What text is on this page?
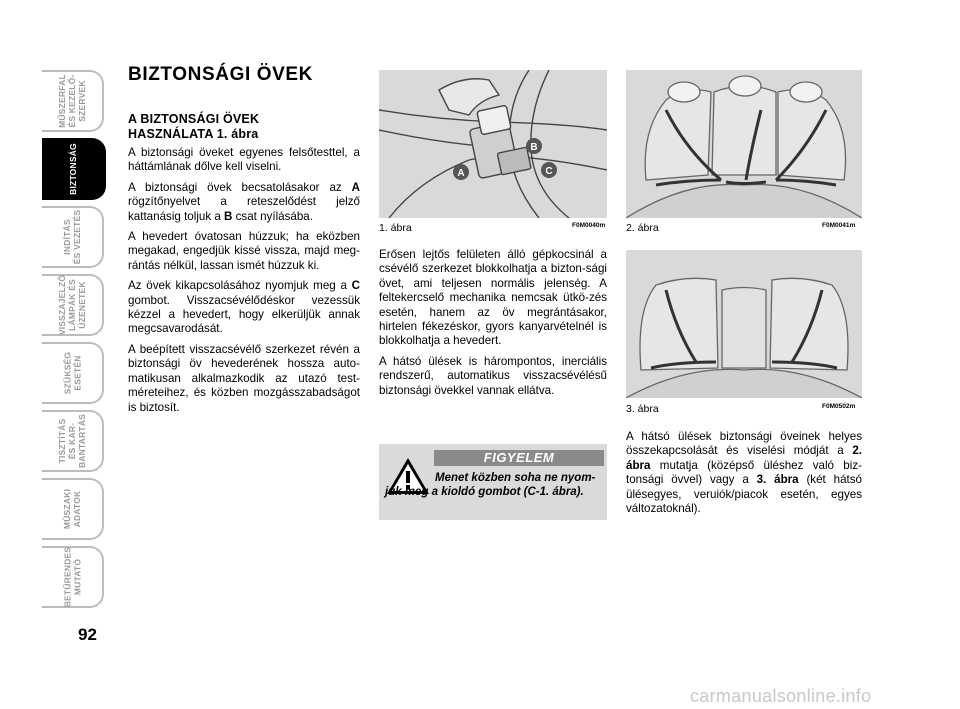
MŰSZERFAL
ÉS KEZELŐ-
SZERVEK
BIZTONSÁG
INDÍTÁS
ÉS VEZETÉS
VISSZAJELZŐ
LÁMPÁK ÉS
ÜZENETEK
SZÜKSÉG
ESETÉN
TISZTÍTÁS
ÉS KAR-
BANTARTÁS
MŰSZAKI
ADATOK
BETŰRENDES
MUTATÓ
92
BIZTONSÁGI ÖVEK
A BIZTONSÁGI ÖVEK
HASZNÁLATA 1. ábra

A biztonsági öveket egyenes felsőtesttel, a háttámlának dőlve kell viselni.

A biztonsági övek becsatolásakor az A rögzítőnyelvet a reteszelődést jelző kattanásig toljuk a B csat nyílásába.

A hevedert óvatosan húzzuk; ha eközben megakad, engedjük kissé vissza, majd meg-rántás nélkül, lassan ismét húzzuk ki.

Az övek kikapcsolásához nyomjuk meg a C gombot. Visszacsévélődéskor vezessük kézzel a hevedert, hogy elkerüljük annak megcsavarodását.

A beépített visszacsévélő szerkezet révén a biztonsági öv hevederének hossza auto-matikusan alkalmazkodik az utazó test-méreteihez, és közben mozgásszabadságot is biztosít.

A
B
C
1. ábra	F0M0040m 2. ábra	F0M0041m
3. ábra	F0M0502m

Erősen lejtős felületen álló gépkocsinál a csévélő szerkezet blokkolhatja a bizton-sági övet, ami teljesen normális jelenség. A feltekercselő mechanika nemcsak ütkö-zés esetén, hanem az öv megrántásakor, hirtelen fékezéskor, gyors kanyarvételnél is blokkolhatja a hevedert.

A hátsó ülések is hárompontos, inerciális rendszerű, automatikus visszacsévélésű biztonsági övekkel vannak ellátva.

FIGYELEM
Menet közben soha ne nyom-juk meg a kioldó gombot (C-1. ábra).

A hátsó ülések biztonsági öveinek helyes összekapcsolását és viselési módját a 2. ábra mutatja (középső üléshez való biz-tonsági övvel) vagy a 3. ábra (két hátsó ülésegyes, veruiók/piacok esetén, egyes változatoknál).

carmanualsonline.info
